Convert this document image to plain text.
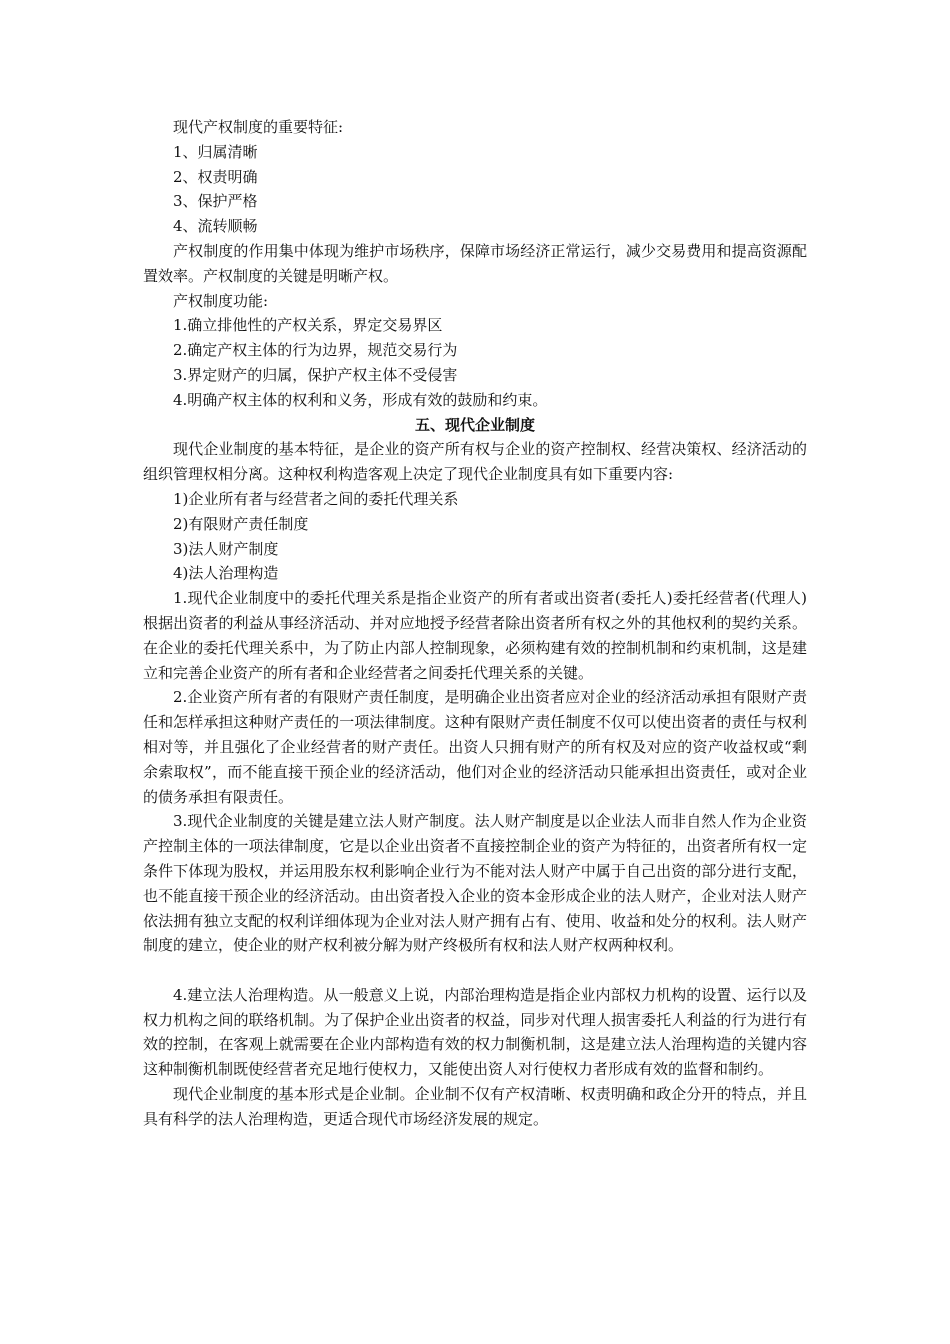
现代产权制度的重要特征:

1、归属清晰

2、权责明确

3、保护严格

4、流转顺畅

产权制度的作用集中体现为维护市场秩序，保障市场经济正常运行，减少交易费用和提高资源配置效率。产权制度的关键是明晰产权。

产权制度功能:

1.确立排他性的产权关系，界定交易界区

2.确定产权主体的行为边界，规范交易行为

3.界定财产的归属，保护产权主体不受侵害

4.明确产权主体的权利和义务，形成有效的鼓励和约束。

五、现代企业制度

现代企业制度的基本特征，是企业的资产所有权与企业的资产控制权、经营决策权、经济活动的组织管理权相分离。这种权利构造客观上决定了现代企业制度具有如下重要内容:

1)企业所有者与经营者之间的委托代理关系

2)有限财产责任制度

3)法人财产制度

4)法人治理构造

1.现代企业制度中的委托代理关系是指企业资产的所有者或出资者(委托人)委托经营者(代理人)根据出资者的利益从事经济活动、并对应地授予经营者除出资者所有权之外的其他权利的契约关系。在企业的委托代理关系中，为了防止内部人控制现象，必须构建有效的控制机制和约束机制，这是建立和完善企业资产的所有者和企业经营者之间委托代理关系的关键。

2.企业资产所有者的有限财产责任制度，是明确企业出资者应对企业的经济活动承担有限财产责任和怎样承担这种财产责任的一项法律制度。这种有限财产责任制度不仅可以使出资者的责任与权利相对等，并且强化了企业经营者的财产责任。出资人只拥有财产的所有权及对应的资产收益权或“剩余索取权”，而不能直接干预企业的经济活动，他们对企业的经济活动只能承担出资责任，或对企业的债务承担有限责任。

3.现代企业制度的关键是建立法人财产制度。法人财产制度是以企业法人而非自然人作为企业资产控制主体的一项法律制度，它是以企业出资者不直接控制企业的资产为特征的，出资者所有权一定条件下体现为股权，并运用股东权利影响企业行为不能对法人财产中属于自己出资的部分进行支配，也不能直接干预企业的经济活动。由出资者投入企业的资本金形成企业的法人财产，企业对法人财产依法拥有独立支配的权利详细体现为企业对法人财产拥有占有、使用、收益和处分的权利。法人财产制度的建立，使企业的财产权利被分解为财产终极所有权和法人财产权两种权利。

4.建立法人治理构造。从一般意义上说，内部治理构造是指企业内部权力机构的设置、运行以及权力机构之间的联络机制。为了保护企业出资者的权益，同步对代理人损害委托人利益的行为进行有效的控制，在客观上就需要在企业内部构造有效的权力制衡机制，这是建立法人治理构造的关键内容这种制衡机制既使经营者充足地行使权力，又能使出资人对行使权力者形成有效的监督和制约。

现代企业制度的基本形式是企业制。企业制不仅有产权清晰、权责明确和政企分开的特点，并且具有科学的法人治理构造，更适合现代市场经济发展的规定。
